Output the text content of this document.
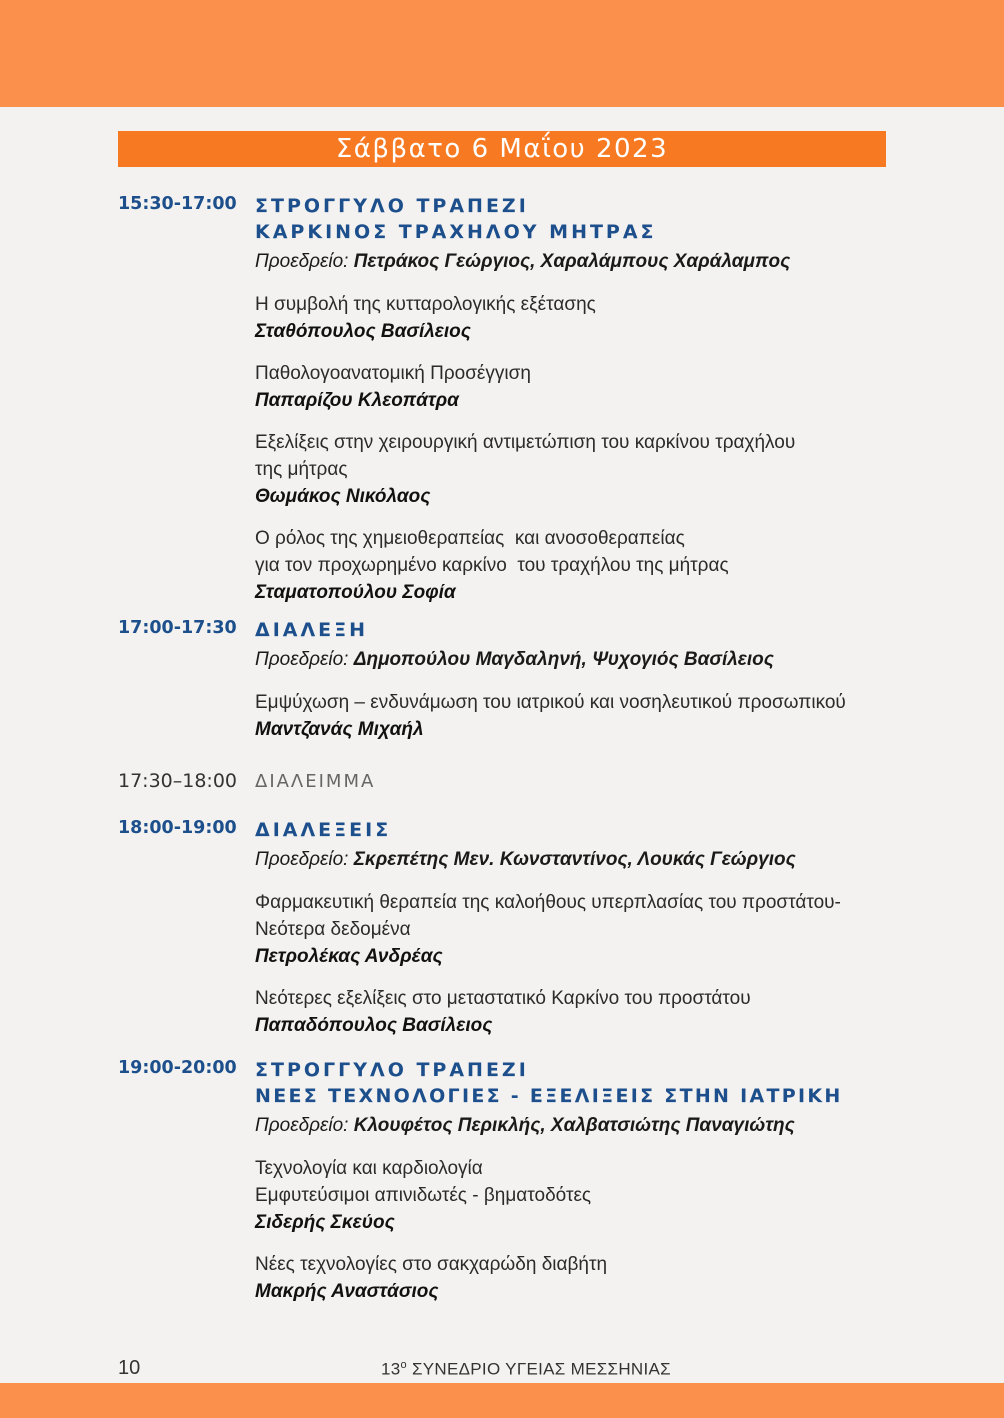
Σάββατο 6 Μαΐου 2023
15:30-17:00 ΣΤΡΟΓΓΥΛΟ ΤΡΑΠΕΖΙ
ΚΑΡΚΙΝΟΣ ΤΡΑΧΗΛΟΥ ΜΗΤΡΑΣ
Προεδρείο: Πετράκος Γεώργιος, Χαραλάμπους Χαράλαμπος
Η συμβολή της κυτταρολογικής εξέτασης
Σταθόπουλος Βασίλειος
Παθολογοανατομική Προσέγγιση
Παπαρίζου Κλεοπάτρα
Εξελίξεις στην χειρουργική αντιμετώπιση του καρκίνου τραχήλου
της μήτρας
Θωμάκος Νικόλαος
Ο ρόλος της χημειοθεραπείας  και ανοσοθεραπείας
για τον προχωρημένο καρκίνο  του τραχήλου της μήτρας
Σταματοπούλου Σοφία
17:00-17:30 ΔΙΑΛΕΞΗ
Προεδρείο: Δημοπούλου Μαγδαληνή, Ψυχογιός Βασίλειος
Εμψύχωση – ενδυνάμωση του ιατρικού και νοσηλευτικού προσωπικού
Μαντζανάς Μιχαήλ
17:30–18:00 ΔΙΑΛΕΙΜΜΑ
18:00-19:00 ΔΙΑΛΕΞΕΙΣ
Προεδρείο: Σκρεπέτης Μεν. Κωνσταντίνος, Λουκάς Γεώργιος
Φαρμακευτική θεραπεία της καλοήθους υπερπλασίας του προστάτου-
Νεότερα δεδομένα
Πετρολέκας Ανδρέας
Νεότερες εξελίξεις στο μεταστατικό Καρκίνο του προστάτου
Παπαδόπουλος Βασίλειος
19:00-20:00 ΣΤΡΟΓΓΥΛΟ ΤΡΑΠΕΖΙ
ΝΕΕΣ ΤΕΧΝΟΛΟΓΙΕΣ - ΕΞΕΛΙΞΕΙΣ ΣΤΗΝ ΙΑΤΡΙΚΗ
Προεδρείο: Κλουφέτος Περικλής, Χαλβατσιώτης Παναγιώτης
Τεχνολογία και καρδιολογία
Εμφυτεύσιμοι απινιδωτές - βηματοδότες
Σιδερής Σκεύος
Νέες τεχνολογίες στο σακχαρώδη διαβήτη
Μακρής Αναστάσιος
10	$13^o$ ΣΥΝΕΔΡΙΟ ΥΓΕΙΑΣ ΜΕΣΣΗΝΙΑΣ
